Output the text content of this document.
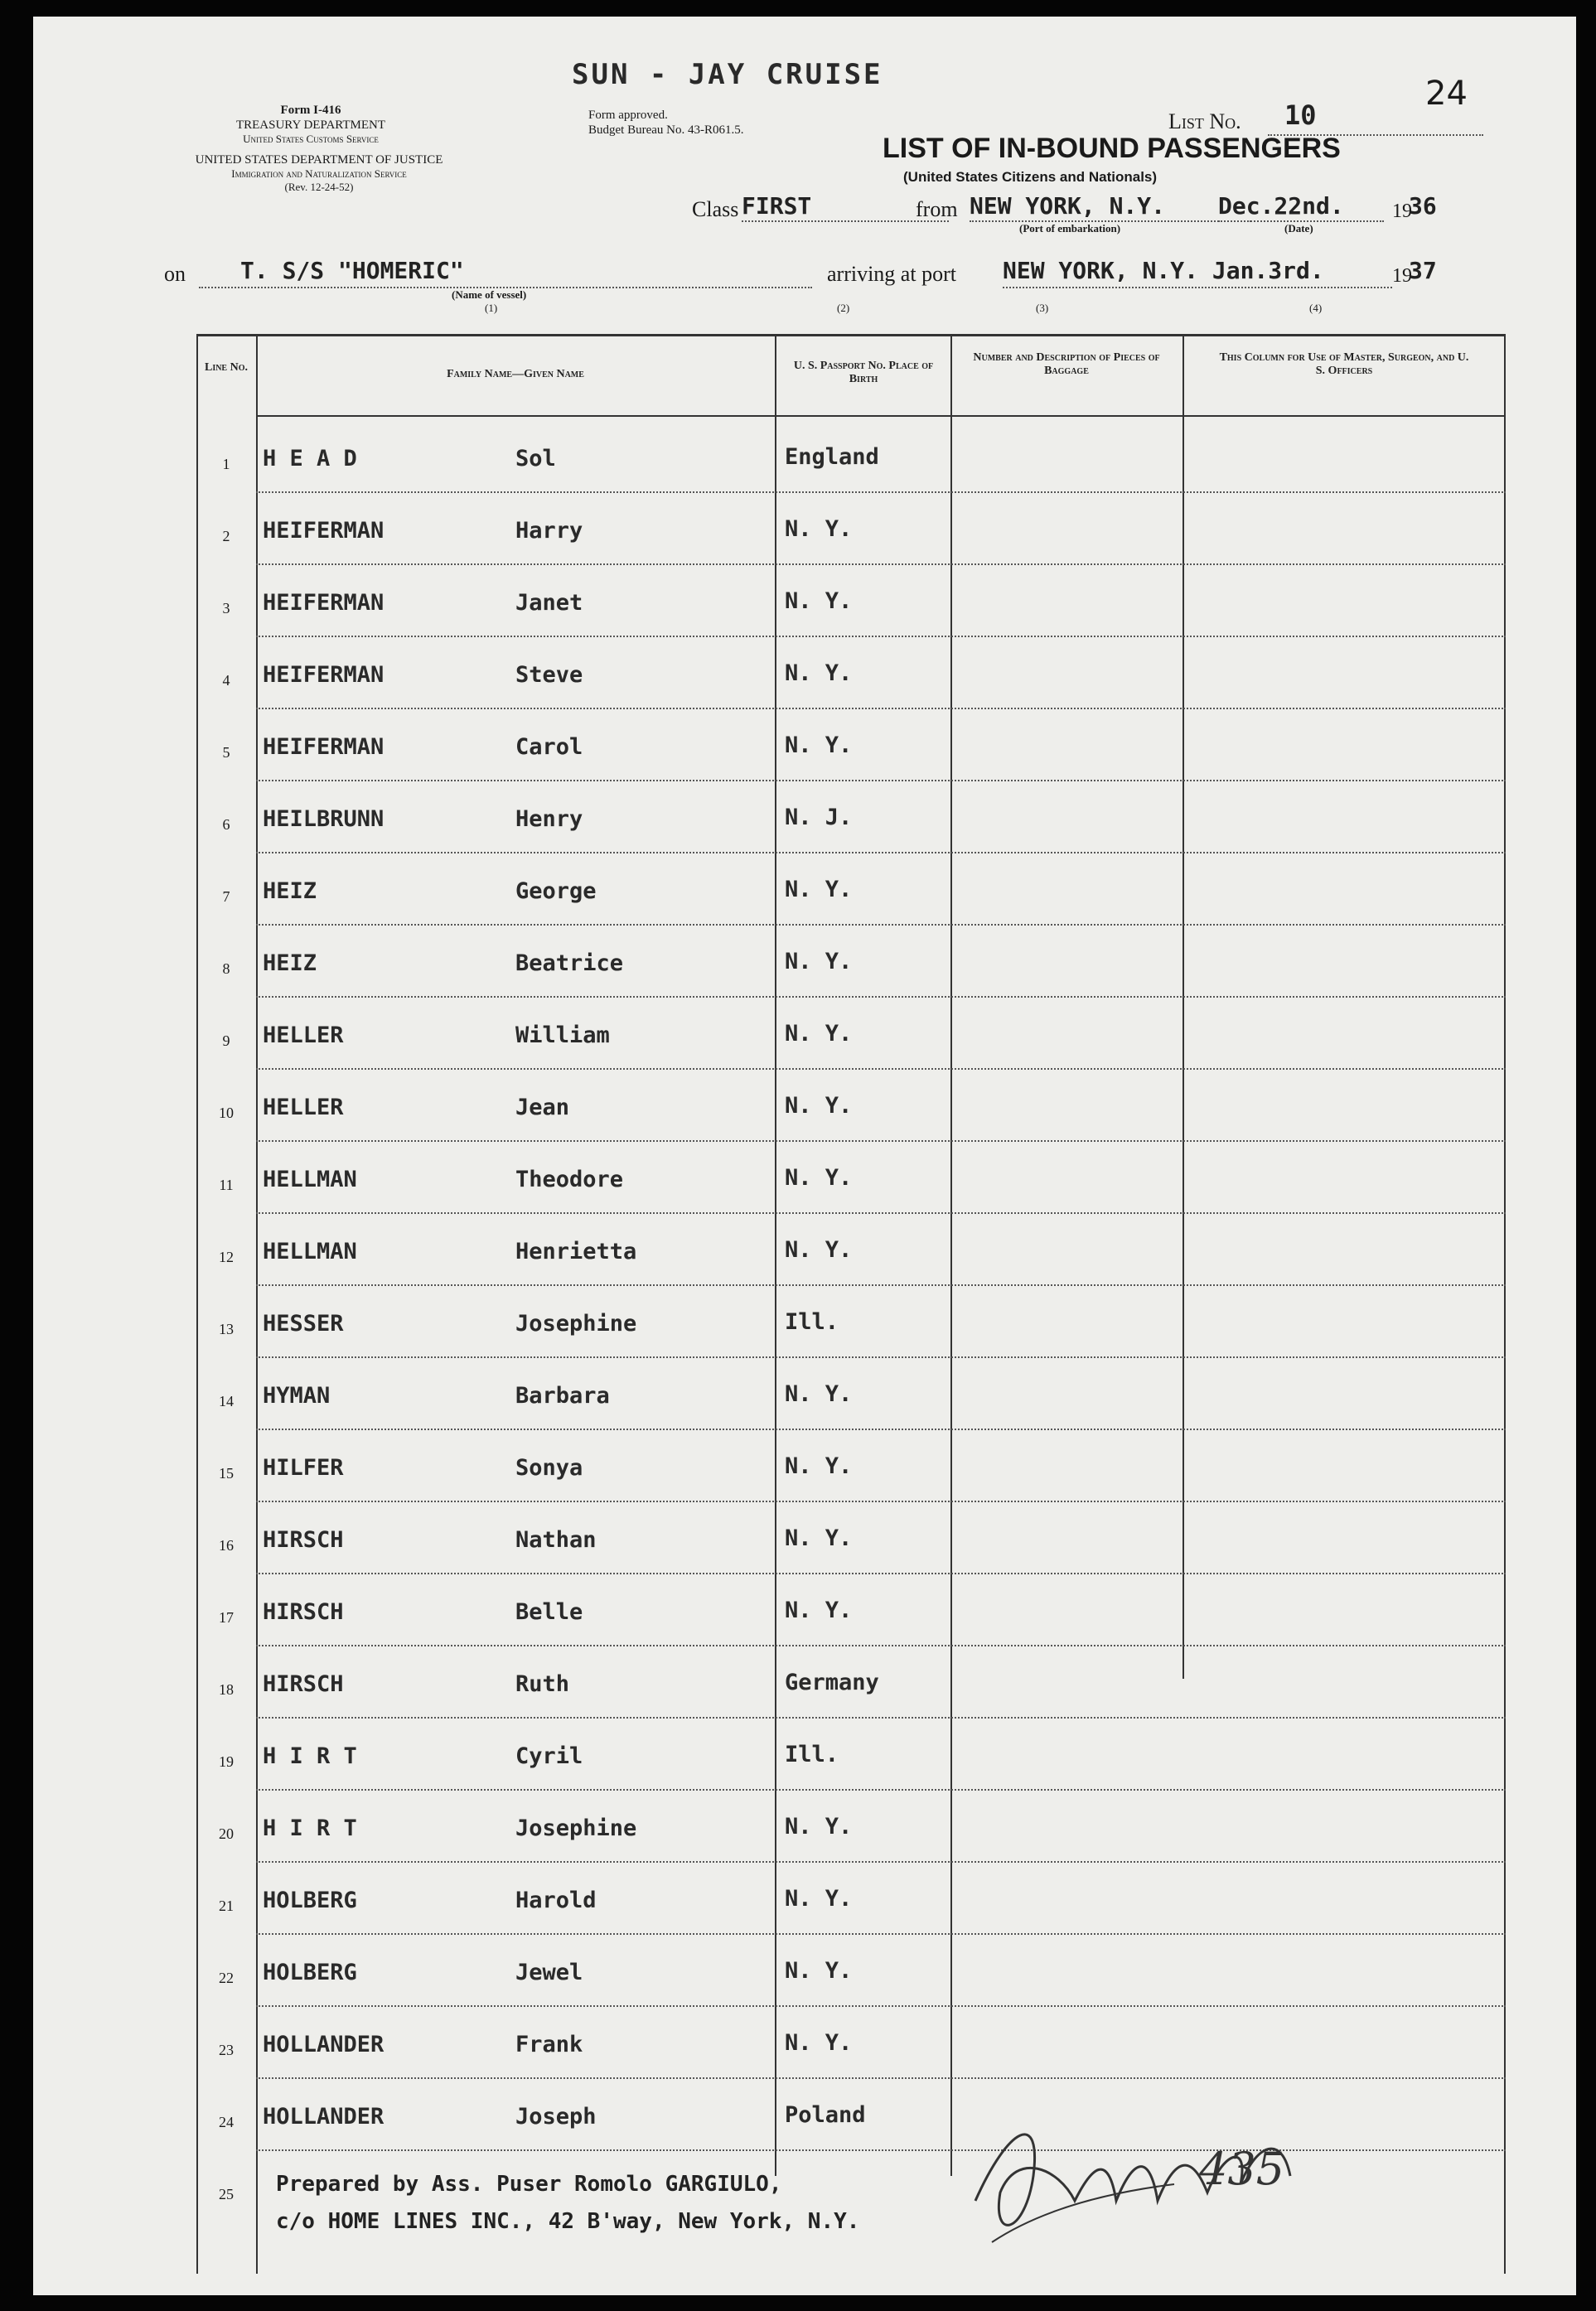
SUN - JAY CRUISE	24
Form I-416
TREASURY DEPARTMENT
United States Customs Service
UNITED STATES DEPARTMENT OF JUSTICE
Immigration and Naturalization Service
(Rev. 12-24-52)
Form approved.
Budget Bureau No. 43-R061.5.	List No. 10
LIST OF IN-BOUND PASSENGERS
(United States Citizens and Nationals)
Class FIRST	from NEW YORK, N.Y.
(Port of embarkation)
Dec.22nd.
(Date)
19
36
on T. S/S "HOMERIC"
(Name of vessel)
(1)
arriving at port NEW YORK, N.Y. Jan.3rd.	19
37
(2)	(3)	(4)
Line No.
Family Name—Given Name
U. S. Passport No. Place of Birth
Number and Description of Pieces of Baggage
This Column for Use of Master, Surgeon, and U. S. Officers
1	H E A D	Sol	England
2	HEIFERMAN	Harry	N. Y.
3	HEIFERMAN	Janet	N. Y.
4	HEIFERMAN	Steve	N. Y.
5	HEIFERMAN	Carol	N. Y.
6	HEILBRUNN	Henry	N. J.
7	HEIZ	George	N. Y.
8	HEIZ	Beatrice	N. Y.
9	HELLER	William	N. Y.
10	HELLER	Jean	N. Y.
11	HELLMAN	Theodore	N. Y.
12	HELLMAN	Henrietta	N. Y.
13	HESSER	Josephine	Ill.
14	HYMAN	Barbara	N. Y.
15	HILFER	Sonya	N. Y.
16	HIRSCH	Nathan	N. Y.
17	HIRSCH	Belle	N. Y.
18	HIRSCH	Ruth	Germany
19	H I R T	Cyril	Ill.
20	H I R T	Josephine	N. Y.
21	HOLBERG	Harold	N. Y.
22	HOLBERG	Jewel	N. Y.
23	HOLLANDER	Frank	N. Y.
24	HOLLANDER	Joseph	Poland
25	Prepared by Ass. Puser Romolo GARGIULO,
c/o HOME LINES INC., 42 B'way, New York, N.Y.
435
